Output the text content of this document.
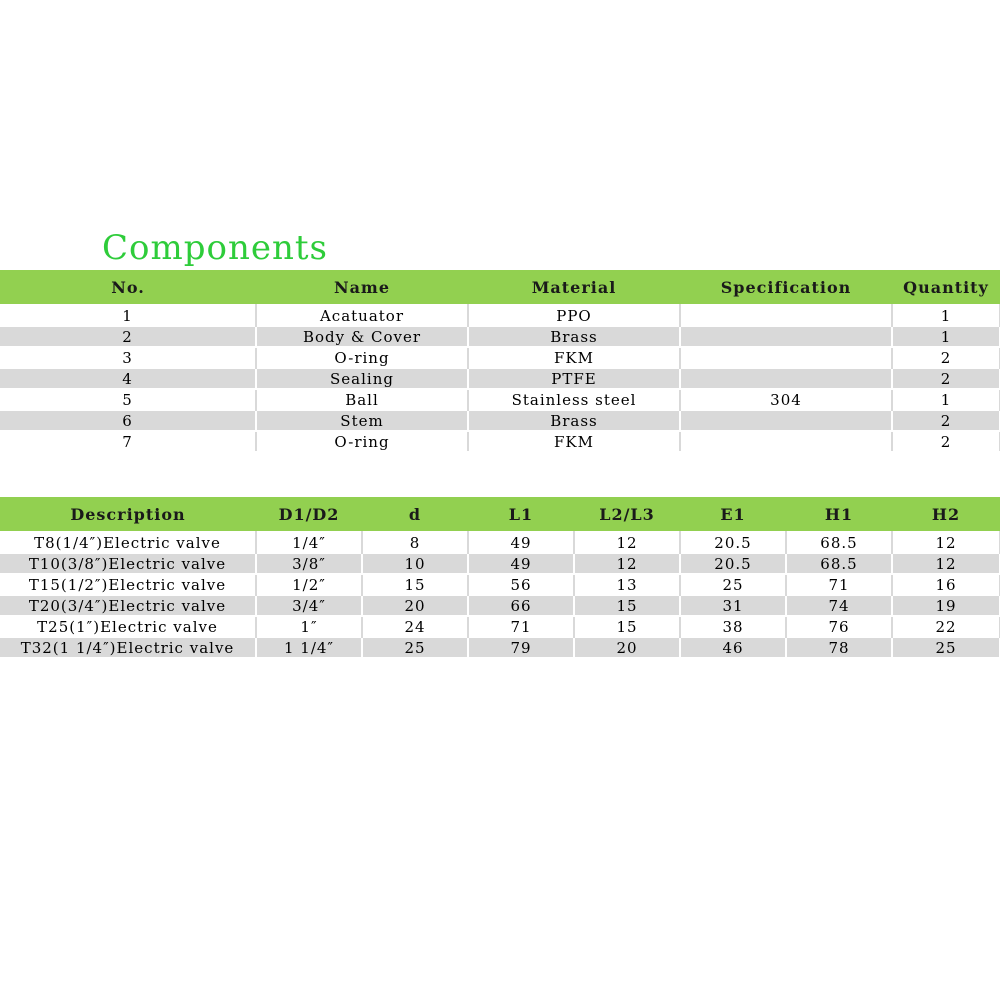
Components
No.	Name	Material	Specification	Quantity
1	Acatuator	PPO		1
2	Body & Cover	Brass		1
3	O-ring	FKM		2
4	Sealing	PTFE		2
5	Ball	Stainless steel	304	1
6	Stem	Brass		2
7	O-ring	FKM		2
Description	D1/D2	d	L1	L2/L3	E1	H1	H2
T8(1/4″)Electric valve	1/4″	8	49	12	20.5	68.5	12
T10(3/8″)Electric valve	3/8″	10	49	12	20.5	68.5	12
T15(1/2″)Electric valve	1/2″	15	56	13	25	71	16
T20(3/4″)Electric valve	3/4″	20	66	15	31	74	19
T25(1″)Electric valve	1″	24	71	15	38	76	22
T32(1 1/4″)Electric valve	1 1/4″	25	79	20	46	78	25
